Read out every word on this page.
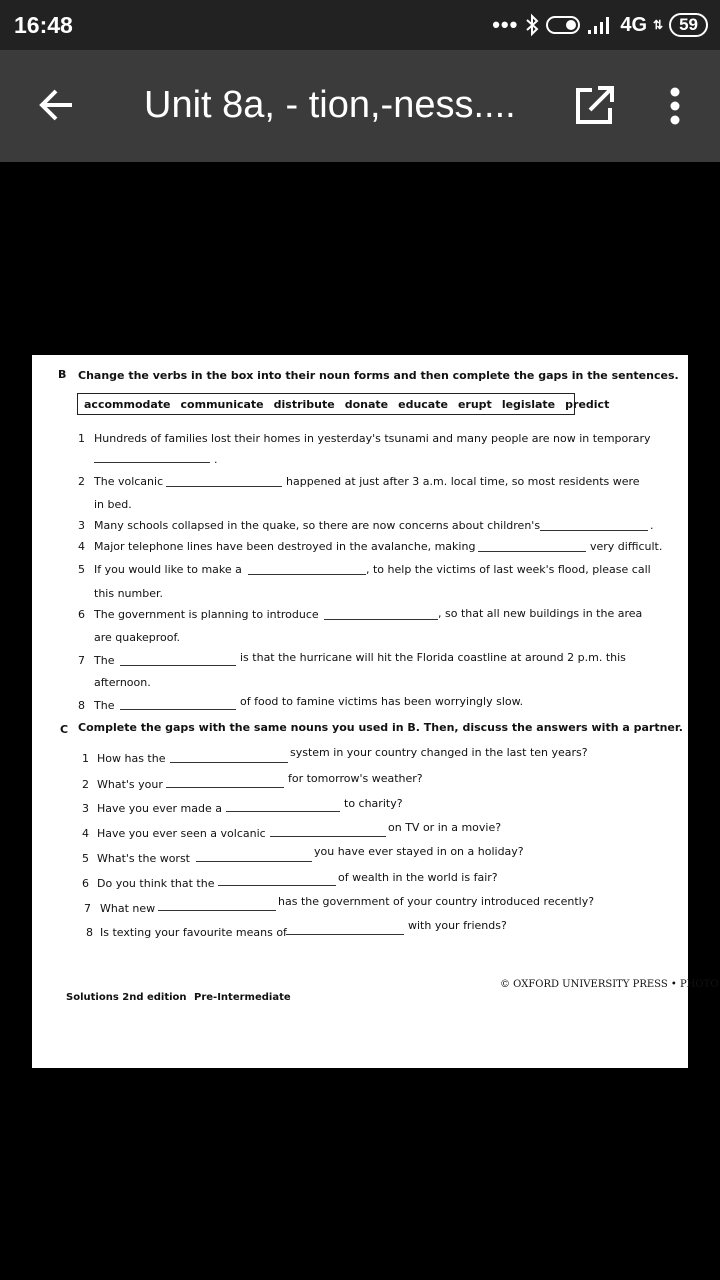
16:48	•••	4G ⇅ 59
Unit 8a, - tion,-ness....
B Change the verbs in the box into their noun forms and then complete the gaps in the sentences.
accommodate communicate distribute donate educate erupt legislate predict
1 Hundreds of families lost their homes in yesterday's tsunami and many people are now in temporary
.
2 The volcanic	happened at just after 3 a.m. local time, so most residents were
in bed.
3 Many schools collapsed in the quake, so there are now concerns about children's	.
4 Major telephone lines have been destroyed in the avalanche, making	very difficult.
5 If you would like to make a	, to help the victims of last week's flood, please call
this number.
6 The government is planning to introduce	, so that all new buildings in the area
are quakeproof.
7 The	is that the hurricane will hit the Florida coastline at around 2 p.m. this
afternoon.
8 The	of food to famine victims has been worryingly slow.
C Complete the gaps with the same nouns you used in B. Then, discuss the answers with a partner.
1 How has the	system in your country changed in the last ten years?
2 What's your	for tomorrow's weather?
3 Have you ever made a	to charity?
4 Have you ever seen a volcanic	on TV or in a movie?
5 What's the worst
you have ever stayed in on a holiday?
6 Do you think that the	of wealth in the world is fair?
7 What new
has the government of your country introduced recently?
8 Is texting your favourite means of
with your friends?
Solutions 2nd edition Pre-Intermediate
© OXFORD UNIVERSITY PRESS • PHOTO
